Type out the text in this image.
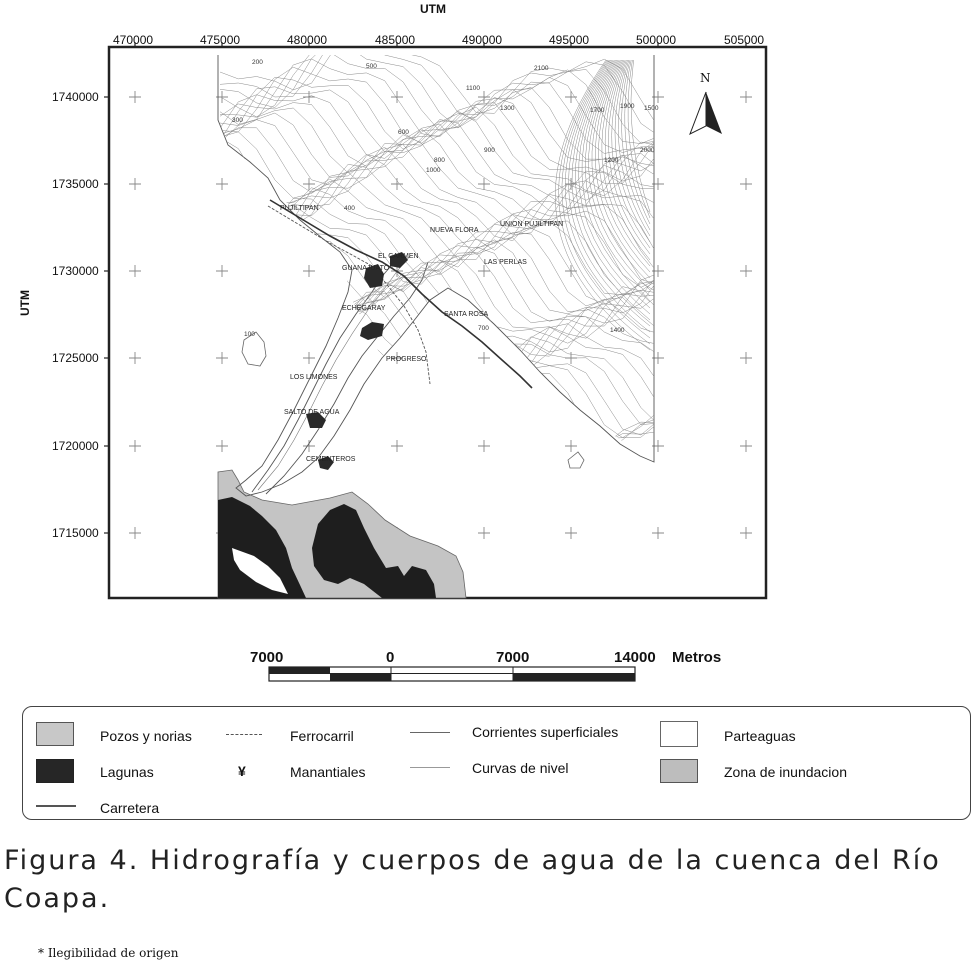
UTM
UTM
470000	475000	480000	485000	490000	495000	500000	505000
1740000
1735000
1730000
1725000
1720000
1715000
PUJILTIPAN
NUEVA FLORA
UNION PUJILTIPAN
EL CARMEN
GUANAJUATO
LAS PERLAS
ECHEGARAY
SANTA ROSA
PROGRESO
LOS LIMONES
SALTO DE AGUA
CEMENTEROS
200
300
400
500
600
700
800
900
1000
1100
1200
1300
1400
1500
1700
1900
2000
2100
100
N
7000	0	7000	14000 Metros
Pozos y norias
Lagunas
Carretera
Ferrocarril
¥	Manantiales
Corrientes superficiales
Curvas de nivel
Parteaguas
Zona de inundacion
Figura 4. Hidrografía y cuerpos de agua de la cuenca del Río Coapa.
* Ilegibilidad de origen
